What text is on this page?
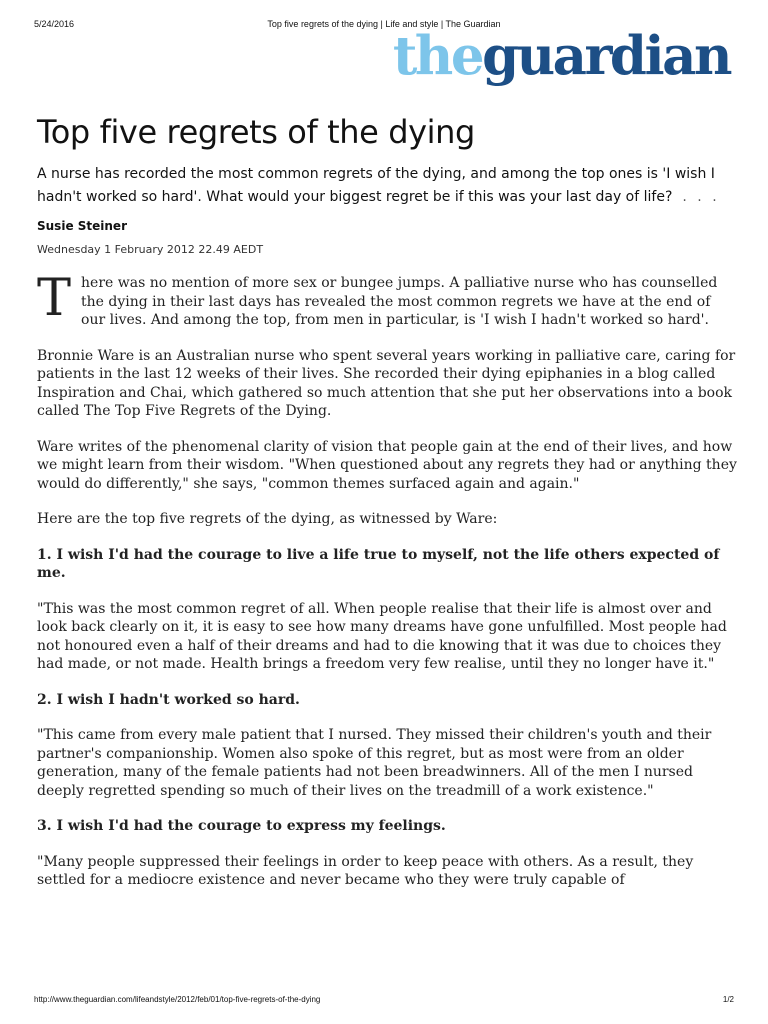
5/24/2016	Top five regrets of the dying | Life and style | The Guardian
theguardian
Top five regrets of the dying

A nurse has recorded the most common regrets of the dying, and among the top ones is 'I wish I hadn't worked so hard'. What would your biggest regret be if this was your last day of life? . . .

Susie Steiner
Wednesday 1 February 2012 22.49 AEDT

There was no mention of more sex or bungee jumps. A palliative nurse who has counselled the dying in their last days has revealed the most common regrets we have at the end of our lives. And among the top, from men in particular, is 'I wish I hadn't worked so hard'.

Bronnie Ware is an Australian nurse who spent several years working in palliative care, caring for patients in the last 12 weeks of their lives. She recorded their dying epiphanies in a blog called Inspiration and Chai, which gathered so much attention that she put her observations into a book called The Top Five Regrets of the Dying.

Ware writes of the phenomenal clarity of vision that people gain at the end of their lives, and how we might learn from their wisdom. "When questioned about any regrets they had or anything they would do differently," she says, "common themes surfaced again and again."

Here are the top five regrets of the dying, as witnessed by Ware:

1. I wish I'd had the courage to live a life true to myself, not the life others expected of me.

"This was the most common regret of all. When people realise that their life is almost over and look back clearly on it, it is easy to see how many dreams have gone unfulfilled. Most people had not honoured even a half of their dreams and had to die knowing that it was due to choices they had made, or not made. Health brings a freedom very few realise, until they no longer have it."

2. I wish I hadn't worked so hard.

"This came from every male patient that I nursed. They missed their children's youth and their partner's companionship. Women also spoke of this regret, but as most were from an older generation, many of the female patients had not been breadwinners. All of the men I nursed deeply regretted spending so much of their lives on the treadmill of a work existence."

3. I wish I'd had the courage to express my feelings.

"Many people suppressed their feelings in order to keep peace with others. As a result, they settled for a mediocre existence and never became who they were truly capable of

http://www.theguardian.com/lifeandstyle/2012/feb/01/top-five-regrets-of-the-dying	1/2
